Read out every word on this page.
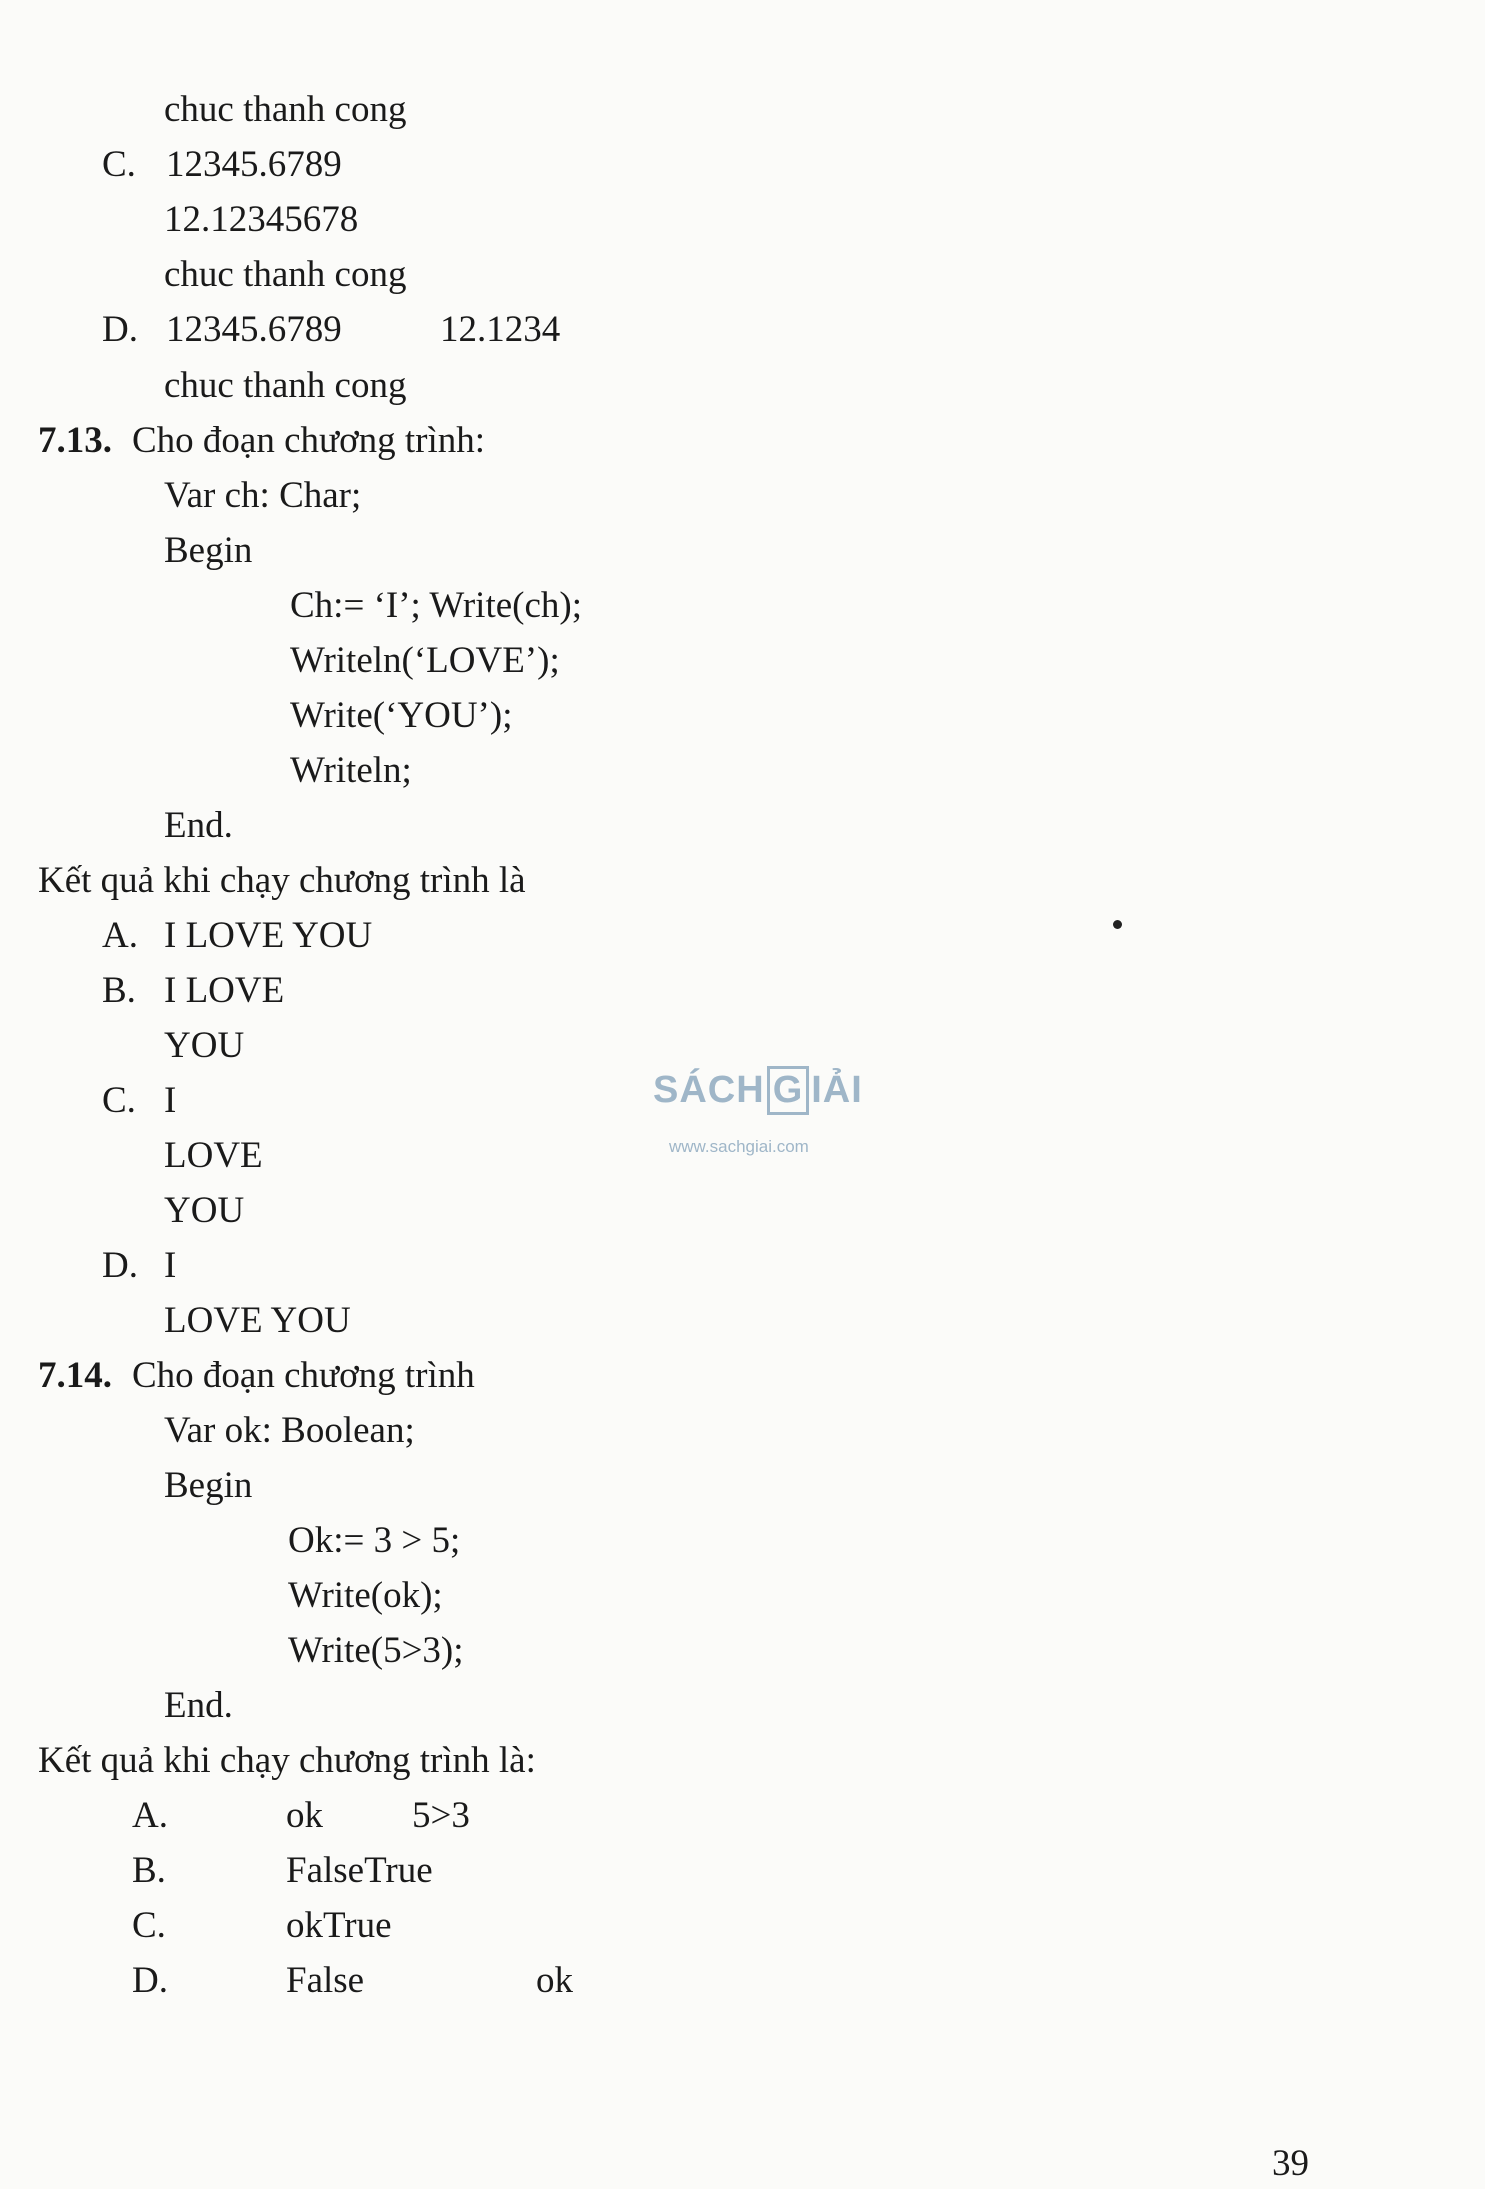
chuc thanh cong
C. 12345.6789
12.12345678
chuc thanh cong
D. 12345.6789	12.1234
chuc thanh cong
7.13. Cho đoạn chương trình:
Var ch: Char;
Begin
Ch:= ‘I’; Write(ch);
Writeln(‘LOVE’);
Write(‘YOU’);
Writeln;
End.
Kết quả khi chạy chương trình là
A. I LOVE YOU
B. I LOVE
YOU
C. I
LOVE
YOU
D. I
LOVE YOU
7.14. Cho đoạn chương trình
Var ok: Boolean;
Begin
Ok:= 3 > 5;
Write(ok);
Write(5>3);
End.
Kết quả khi chạy chương trình là:
A.	ok 5>3
B.	FalseTrue
C.	okTrue
D.	False	ok
SÁCH G IẢI
www.sachgiai.com
39
